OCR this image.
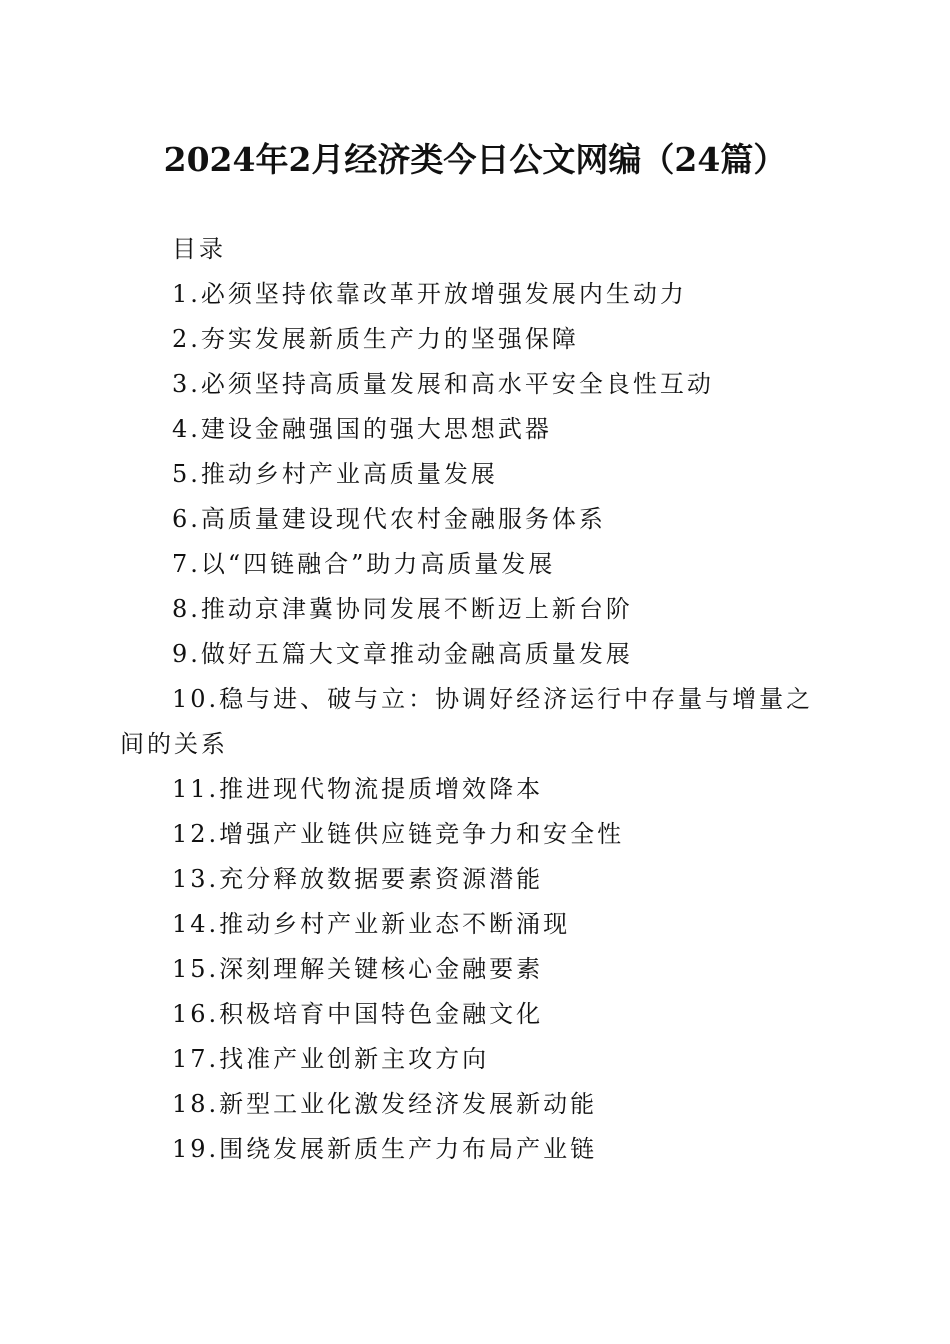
2024年2月经济类今日公文网编（24篇）

目录

1.必须坚持依靠改革开放增强发展内生动力
2.夯实发展新质生产力的坚强保障
3.必须坚持高质量发展和高水平安全良性互动
4.建设金融强国的强大思想武器
5.推动乡村产业高质量发展
6.高质量建设现代农村金融服务体系
7.以“四链融合”助力高质量发展
8.推动京津冀协同发展不断迈上新台阶
9.做好五篇大文章推动金融高质量发展
10.稳与进、破与立：协调好经济运行中存量与增量之间的关系
11.推进现代物流提质增效降本
12.增强产业链供应链竞争力和安全性
13.充分释放数据要素资源潜能
14.推动乡村产业新业态不断涌现
15.深刻理解关键核心金融要素
16.积极培育中国特色金融文化
17.找准产业创新主攻方向
18.新型工业化激发经济发展新动能
19.围绕发展新质生产力布局产业链
